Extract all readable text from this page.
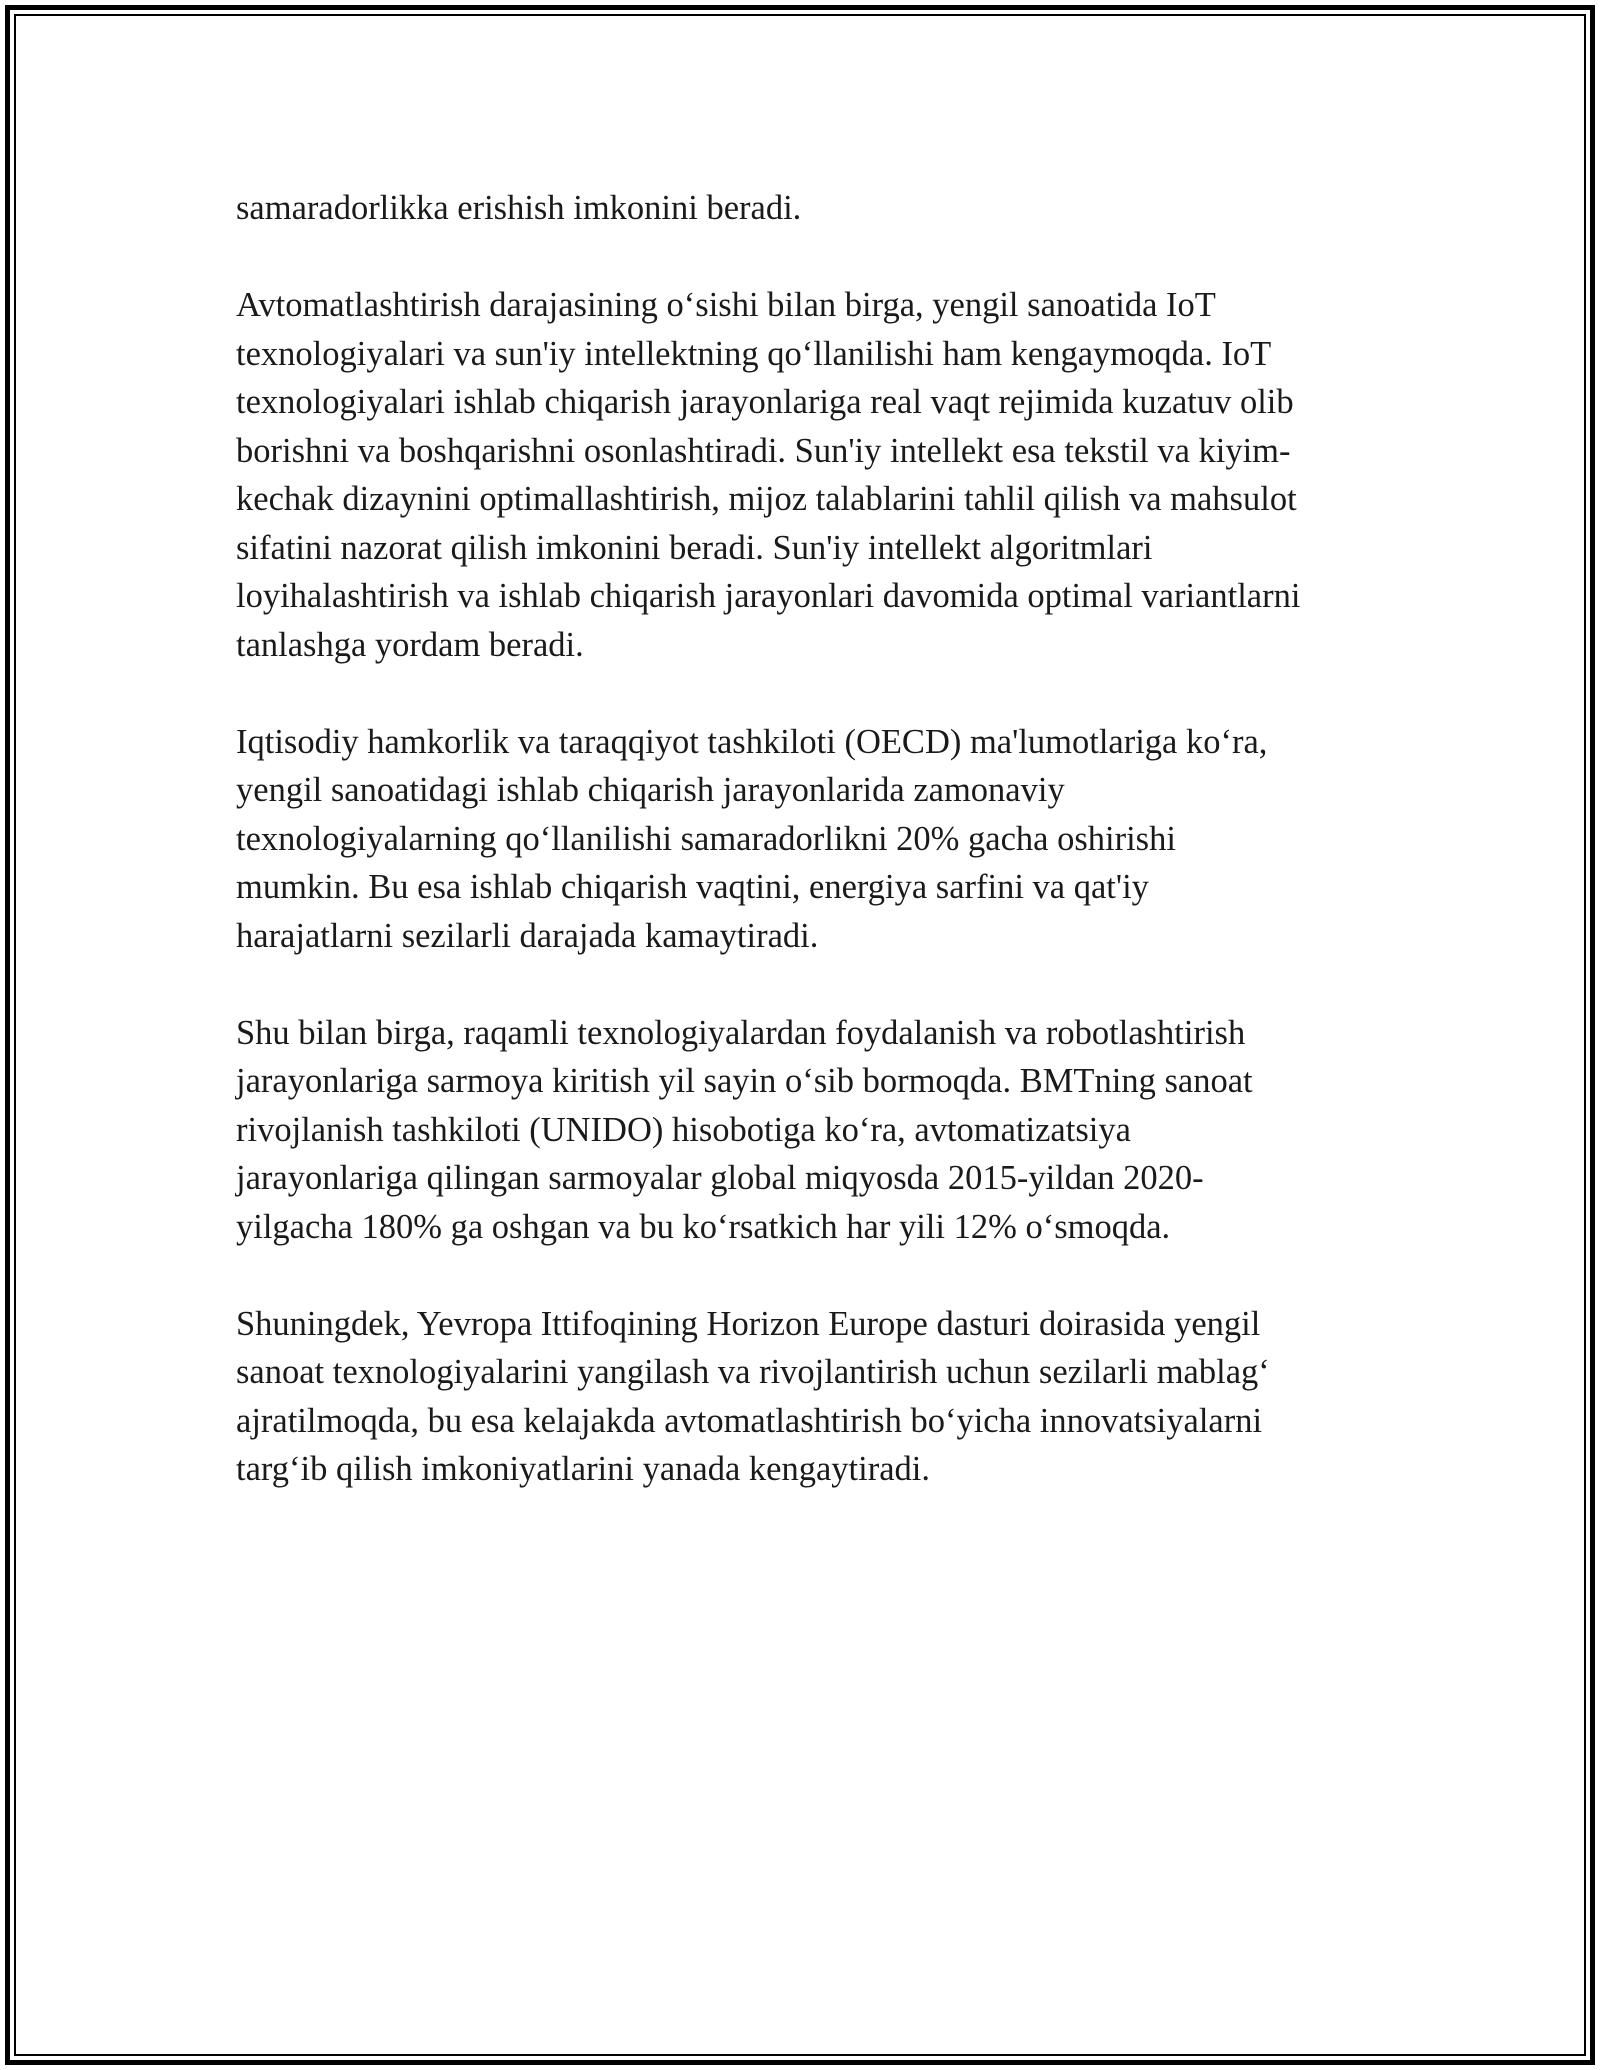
samaradorlikka erishish imkonini beradi.

Avtomatlashtirish darajasining o‘sishi bilan birga, yengil sanoatida IoT
texnologiyalari va sun'iy intellektning qo‘llanilishi ham kengaymoqda. IoT
texnologiyalari ishlab chiqarish jarayonlariga real vaqt rejimida kuzatuv olib
borishni va boshqarishni osonlashtiradi. Sun'iy intellekt esa tekstil va kiyim-
kechak dizaynini optimallashtirish, mijoz talablarini tahlil qilish va mahsulot
sifatini nazorat qilish imkonini beradi. Sun'iy intellekt algoritmlari
loyihalashtirish va ishlab chiqarish jarayonlari davomida optimal variantlarni
tanlashga yordam beradi.

Iqtisodiy hamkorlik va taraqqiyot tashkiloti (OECD) ma'lumotlariga ko‘ra,
yengil sanoatidagi ishlab chiqarish jarayonlarida zamonaviy
texnologiyalarning qo‘llanilishi samaradorlikni 20% gacha oshirishi
mumkin. Bu esa ishlab chiqarish vaqtini, energiya sarfini va qat'iy
harajatlarni sezilarli darajada kamaytiradi.

Shu bilan birga, raqamli texnologiyalardan foydalanish va robotlashtirish
jarayonlariga sarmoya kiritish yil sayin o‘sib bormoqda. BMTning sanoat
rivojlanish tashkiloti (UNIDO) hisobotiga ko‘ra, avtomatizatsiya
jarayonlariga qilingan sarmoyalar global miqyosda 2015-yildan 2020-
yilgacha 180% ga oshgan va bu ko‘rsatkich har yili 12% o‘smoqda.

Shuningdek, Yevropa Ittifoqining Horizon Europe dasturi doirasida yengil
sanoat texnologiyalarini yangilash va rivojlantirish uchun sezilarli mablag‘
ajratilmoqda, bu esa kelajakda avtomatlashtirish bo‘yicha innovatsiyalarni
targ‘ib qilish imkoniyatlarini yanada kengaytiradi.
